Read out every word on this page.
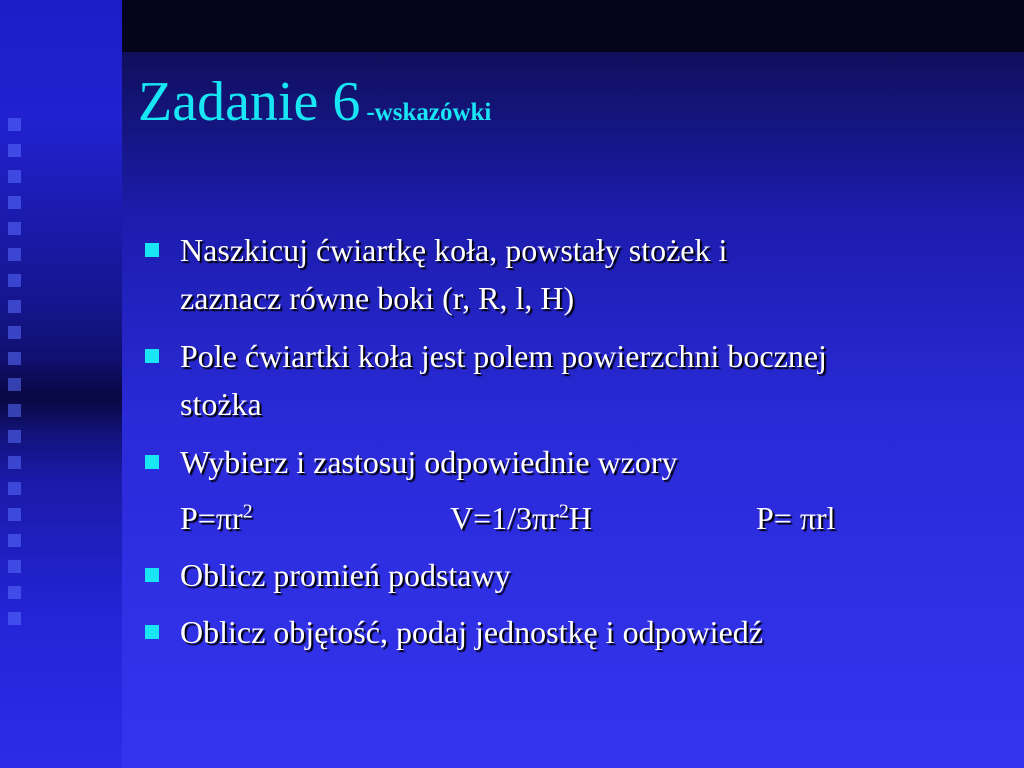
Zadanie 6 -wskazówki
Naszkicuj ćwiartkę koła, powstały stożek i
zaznacz równe boki (r, R, l, H)
Pole ćwiartki koła jest polem powierzchni bocznej
stożka
Wybierz i zastosuj odpowiednie wzory
$P=\pi r^2$	$V=1/3\pi r^2H$	P= πrl
Oblicz promień podstawy
Oblicz objętość, podaj jednostkę i odpowiedź
